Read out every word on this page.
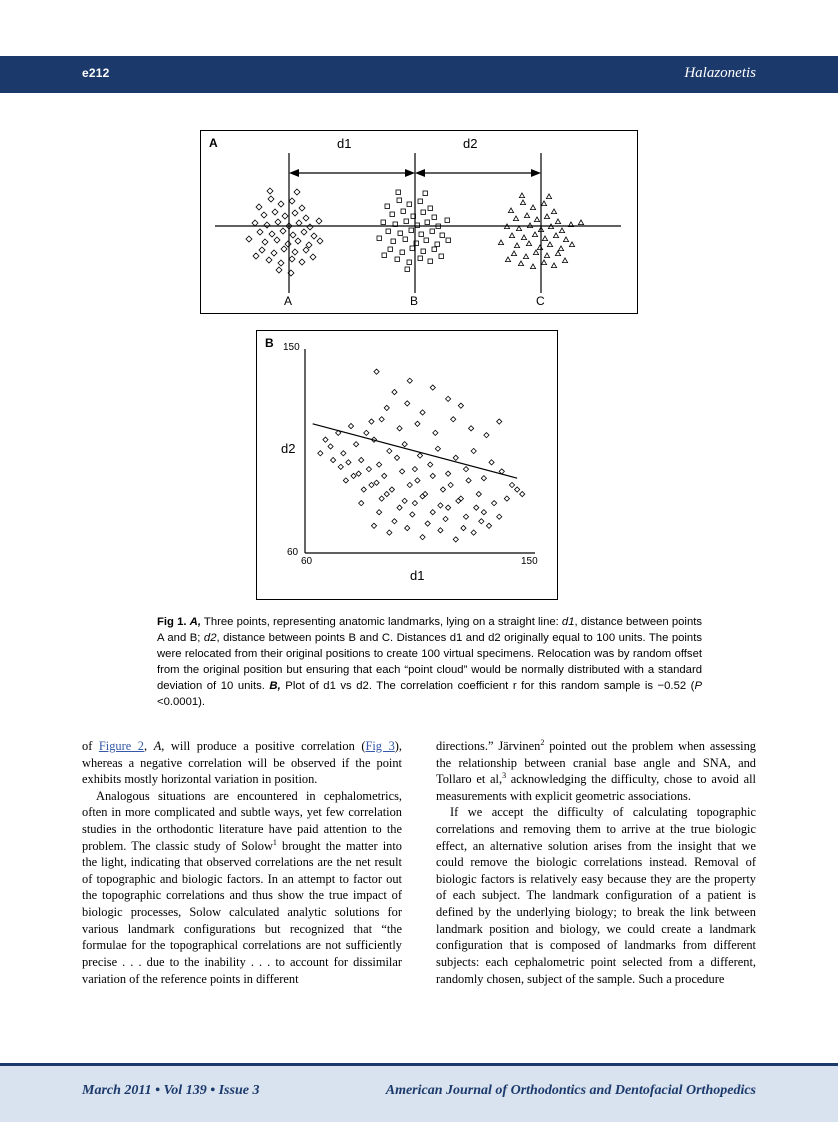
e212	Halazonetis
A	d1	d2
A	B	C
B 150
60
60	150
d2
d1
Fig 1. A, Three points, representing anatomic landmarks, lying on a straight line: d1, distance between points A and B; d2, distance between points B and C. Distances d1 and d2 originally equal to 100 units. The points were relocated from their original positions to create 100 virtual specimens. Relocation was by random offset from the original position but ensuring that each “point cloud” would be normally distributed with a standard deviation of 10 units. B, Plot of d1 vs d2. The correlation coefficient r for this random sample is −0.52 (P <0.0001).

of Figure 2, A, will produce a positive correlation (Fig 3), whereas a negative correlation will be observed if the point exhibits mostly horizontal variation in position.

Analogous situations are encountered in cephalometrics, often in more complicated and subtle ways, yet few correlation studies in the orthodontic literature have paid attention to the problem. The classic study of Solow$^1$ brought the matter into the light, indicating that observed correlations are the net result of topographic and biologic factors. In an attempt to factor out the topographic correlations and thus show the true impact of biologic processes, Solow calculated analytic solutions for various landmark configurations but recognized that “the formulae for the topographical correlations are not sufficiently precise . . . due to the inability . . . to account for dissimilar variation of the reference points in different

directions.” Järvinen$^2$ pointed out the problem when assessing the relationship between cranial base angle and SNA, and Tollaro et al,$^3$ acknowledging the difficulty, chose to avoid all measurements with explicit geometric associations.

If we accept the difficulty of calculating topographic correlations and removing them to arrive at the true biologic effect, an alternative solution arises from the insight that we could remove the biologic correlations instead. Removal of biologic factors is relatively easy because they are the property of each subject. The landmark configuration of a patient is defined by the underlying biology; to break the link between landmark position and biology, we could create a landmark configuration that is composed of landmarks from different subjects: each cephalometric point selected from a different, randomly chosen, subject of the sample. Such a procedure

March 2011 • Vol 139 • Issue 3	American Journal of Orthodontics and Dentofacial Orthopedics
